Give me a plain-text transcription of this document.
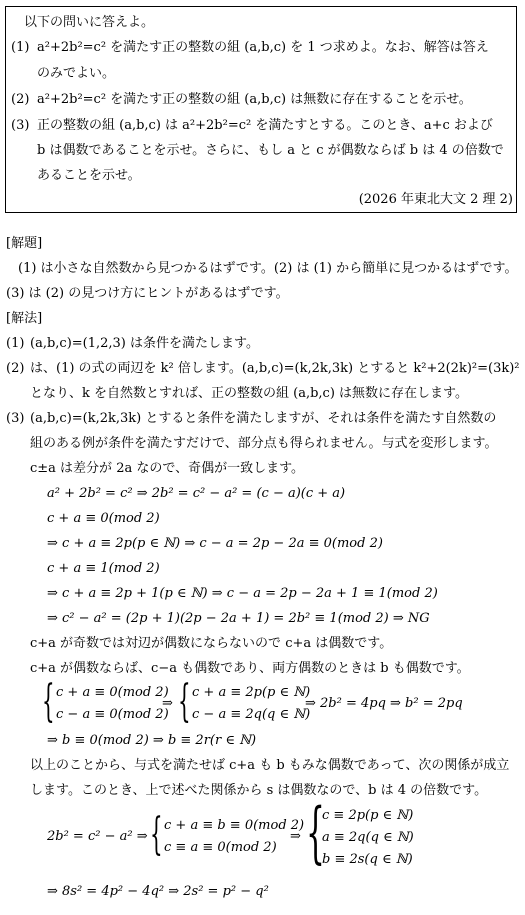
以下の問いに答えよ。
(1) a²+2b²=c² を満たす正の整数の組 (a,b,c) を 1 つ求めよ。なお、解答は答え
のみでよい。
(2) a²+2b²=c² を満たす正の整数の組 (a,b,c) は無数に存在することを示せ。
(3) 正の整数の組 (a,b,c) は a²+2b²=c² を満たすとする。このとき、a+c および
b は偶数であることを示せ。さらに、もし a と c が偶数ならば b は 4 の倍数で
あることを示せ。
(2026 年東北大文 2 理 2)
[解題]
(1) は小さな自然数から見つかるはずです。(2) は (1) から簡単に見つかるはずです。
(3) は (2) の見つけ方にヒントがあるはずです。
[解法]
(1) (a,b,c)=(1,2,3) は条件を満たします。
(2) は、(1) の式の両辺を k² 倍します。(a,b,c)=(k,2k,3k) とすると k²+2(2k)²=(3k)²
となり、k を自然数とすれば、正の整数の組 (a,b,c) は無数に存在します。
(3) (a,b,c)=(k,2k,3k) とすると条件を満たしますが、それは条件を満たす自然数の
組のある例が条件を満たすだけで、部分点も得られません。与式を変形します。
c±a は差分が 2a なので、奇偶が一致します。
a² + 2b² = c² ⇒ 2b² = c² − a² = (c − a)(c + a)
c + a ≡ 0(mod 2)
⇒ c + a ≡ 2p(p ∈ ℕ) ⇒ c − a = 2p − 2a ≡ 0(mod 2)
c + a ≡ 1(mod 2)
⇒ c + a ≡ 2p + 1(p ∈ ℕ) ⇒ c − a = 2p − 2a + 1 ≡ 1(mod 2)
⇒ c² − a² = (2p + 1)(2p − 2a + 1) = 2b² ≡ 1(mod 2) ⇒ NG
c+a が奇数では対辺が偶数にならないので c+a は偶数です。
c+a が偶数ならば、c−a も偶数であり、両方偶数のときは b も偶数です。
{ c + a ≡ 0(mod 2)
c − a ≡ 0(mod 2)
⇒ { c + a ≡ 2p(p ∈ ℕ)
c − a ≡ 2q(q ∈ ℕ)
⇒ 2b² = 4pq ⇒ b² = 2pq
⇒ b ≡ 0(mod 2) ⇒ b ≡ 2r(r ∈ ℕ)
以上のことから、与式を満たせば c+a も b もみな偶数であって、次の関係が成立
します。このとき、上で述べた関係から s は偶数なので、b は 4 の倍数です。
2b² = c² − a² ⇒ { c + a ≡ b ≡ 0(mod 2)
c ≡ a ≡ 0(mod 2)
⇒ {
c ≡ 2p(p ∈ ℕ)
a ≡ 2q(q ∈ ℕ)
b ≡ 2s(q ∈ ℕ)
⇒ 8s² = 4p² − 4q² ⇒ 2s² = p² − q²
